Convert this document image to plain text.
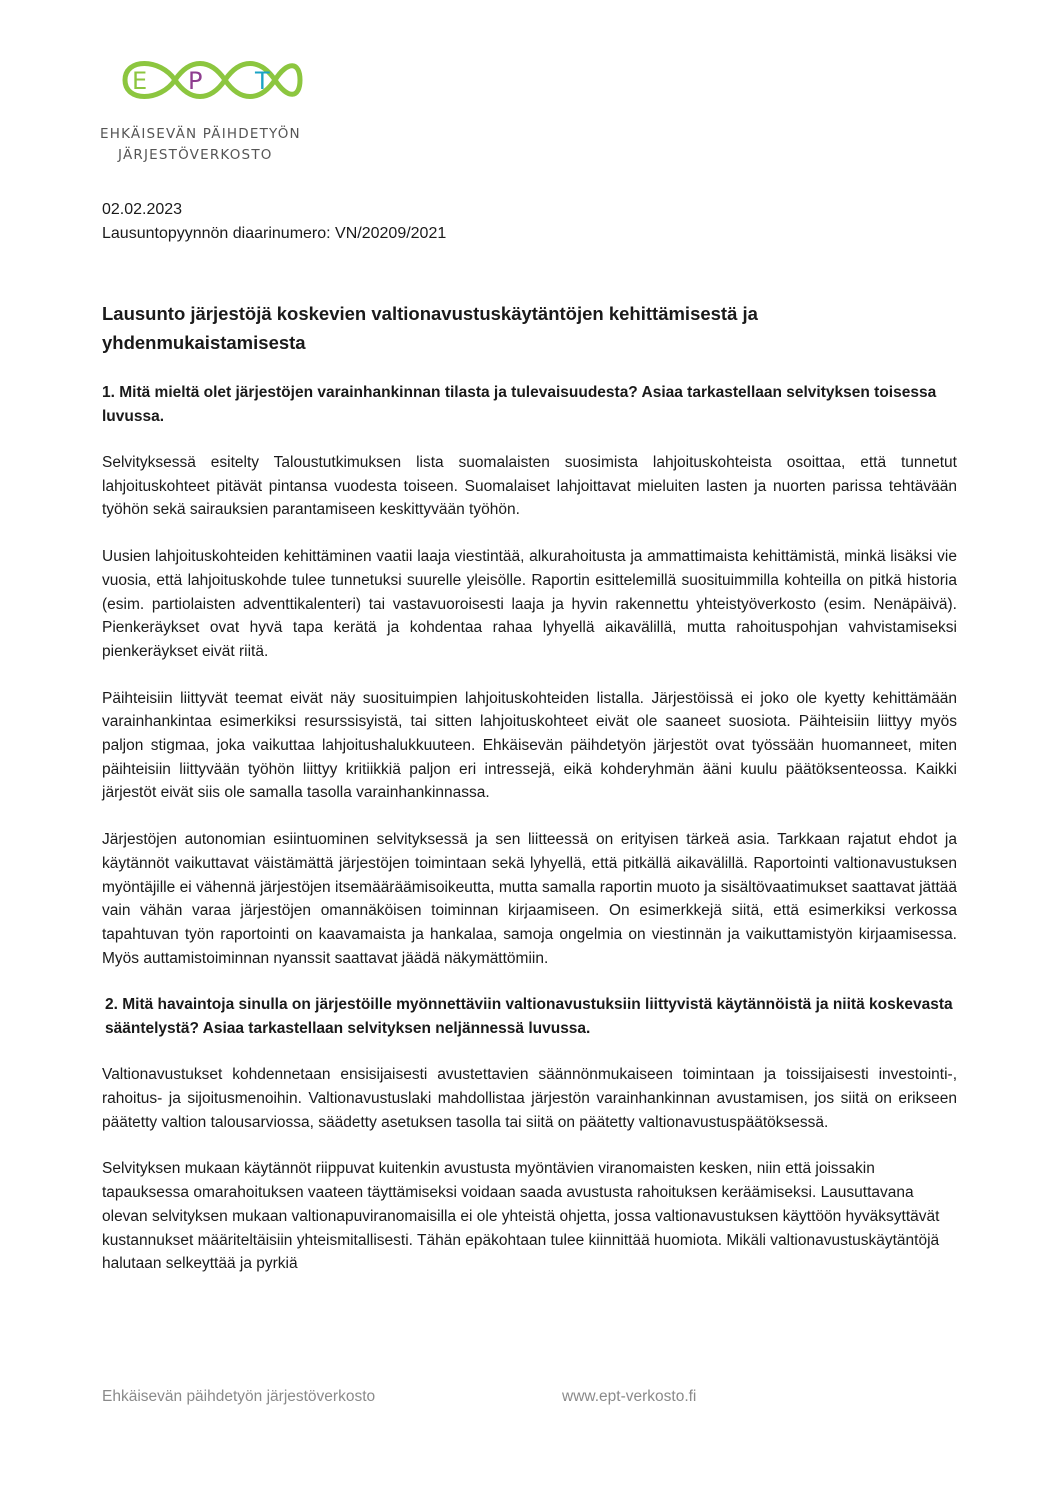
E P T
EHKÄISEVÄN PÄIHDETYÖN
JÄRJESTÖVERKOSTO
02.02.2023
Lausuntopyynnön diaarinumero: VN/20209/2021
Lausunto järjestöjä koskevien valtionavustuskäytäntöjen kehittämisestä ja yhdenmukaistamisesta
1. Mitä mieltä olet järjestöjen varainhankinnan tilasta ja tulevaisuudesta? Asiaa tarkastellaan selvityksen toisessa luvussa.

Selvityksessä esitelty Taloustutkimuksen lista suomalaisten suosimista lahjoituskohteista osoittaa, että tunnetut lahjoituskohteet pitävät pintansa vuodesta toiseen. Suomalaiset lahjoittavat mieluiten lasten ja nuorten parissa tehtävään työhön sekä sairauksien parantamiseen keskittyvään työhön.

Uusien lahjoituskohteiden kehittäminen vaatii laaja viestintää, alkurahoitusta ja ammattimaista kehittämistä, minkä lisäksi vie vuosia, että lahjoituskohde tulee tunnetuksi suurelle yleisölle. Raportin esittelemillä suosituimmilla kohteilla on pitkä historia (esim. partiolaisten adventtikalenteri) tai vastavuoroisesti laaja ja hyvin rakennettu yhteistyöverkosto (esim. Nenäpäivä). Pienkeräykset ovat hyvä tapa kerätä ja kohdentaa rahaa lyhyellä aikavälillä, mutta rahoituspohjan vahvistamiseksi pienkeräykset eivät riitä.

Päihteisiin liittyvät teemat eivät näy suosituimpien lahjoituskohteiden listalla. Järjestöissä ei joko ole kyetty kehittämään varainhankintaa esimerkiksi resurssisyistä, tai sitten lahjoituskohteet eivät ole saaneet suosiota. Päihteisiin liittyy myös paljon stigmaa, joka vaikuttaa lahjoitushalukkuuteen. Ehkäisevän päihdetyön järjestöt ovat työssään huomanneet, miten päihteisiin liittyvään työhön liittyy kritiikkiä paljon eri intressejä, eikä kohderyhmän ääni kuulu päätöksenteossa. Kaikki järjestöt eivät siis ole samalla tasolla varainhankinnassa.

Järjestöjen autonomian esiintuominen selvityksessä ja sen liitteessä on erityisen tärkeä asia. Tarkkaan rajatut ehdot ja käytännöt vaikuttavat väistämättä järjestöjen toimintaan sekä lyhyellä, että pitkällä aikavälillä. Raportointi valtionavustuksen myöntäjille ei vähennä järjestöjen itsemääräämisoikeutta, mutta samalla raportin muoto ja sisältövaatimukset saattavat jättää vain vähän varaa järjestöjen omannäköisen toiminnan kirjaamiseen. On esimerkkejä siitä, että esimerkiksi verkossa tapahtuvan työn raportointi on kaavamaista ja hankalaa, samoja ongelmia on viestinnän ja vaikuttamistyön kirjaamisessa. Myös auttamistoiminnan nyanssit saattavat jäädä näkymättömiin.

2. Mitä havaintoja sinulla on järjestöille myönnettäviin valtionavustuksiin liittyvistä käytännöistä ja niitä koskevasta sääntelystä? Asiaa tarkastellaan selvityksen neljännessä luvussa.

Valtionavustukset kohdennetaan ensisijaisesti avustettavien säännönmukaiseen toimintaan ja toissijaisesti investointi-, rahoitus- ja sijoitusmenoihin. Valtionavustuslaki mahdollistaa järjestön varainhankinnan avustamisen, jos siitä on erikseen päätetty valtion talousarviossa, säädetty asetuksen tasolla tai siitä on päätetty valtionavustuspäätöksessä.

Selvityksen mukaan käytännöt riippuvat kuitenkin avustusta myöntävien viranomaisten kesken, niin että joissakin tapauksessa omarahoituksen vaateen täyttämiseksi voidaan saada avustusta rahoituksen keräämiseksi. Lausuttavana olevan selvityksen mukaan valtionapuviranomaisilla ei ole yhteistä ohjetta, jossa valtionavustuksen käyttöön hyväksyttävät kustannukset määriteltäisiin yhteismitallisesti. Tähän epäkohtaan tulee kiinnittää huomiota. Mikäli valtionavustuskäytäntöjä halutaan selkeyttää ja pyrkiä

Ehkäisevän päihdetyön järjestöverkosto	www.ept-verkosto.fi
